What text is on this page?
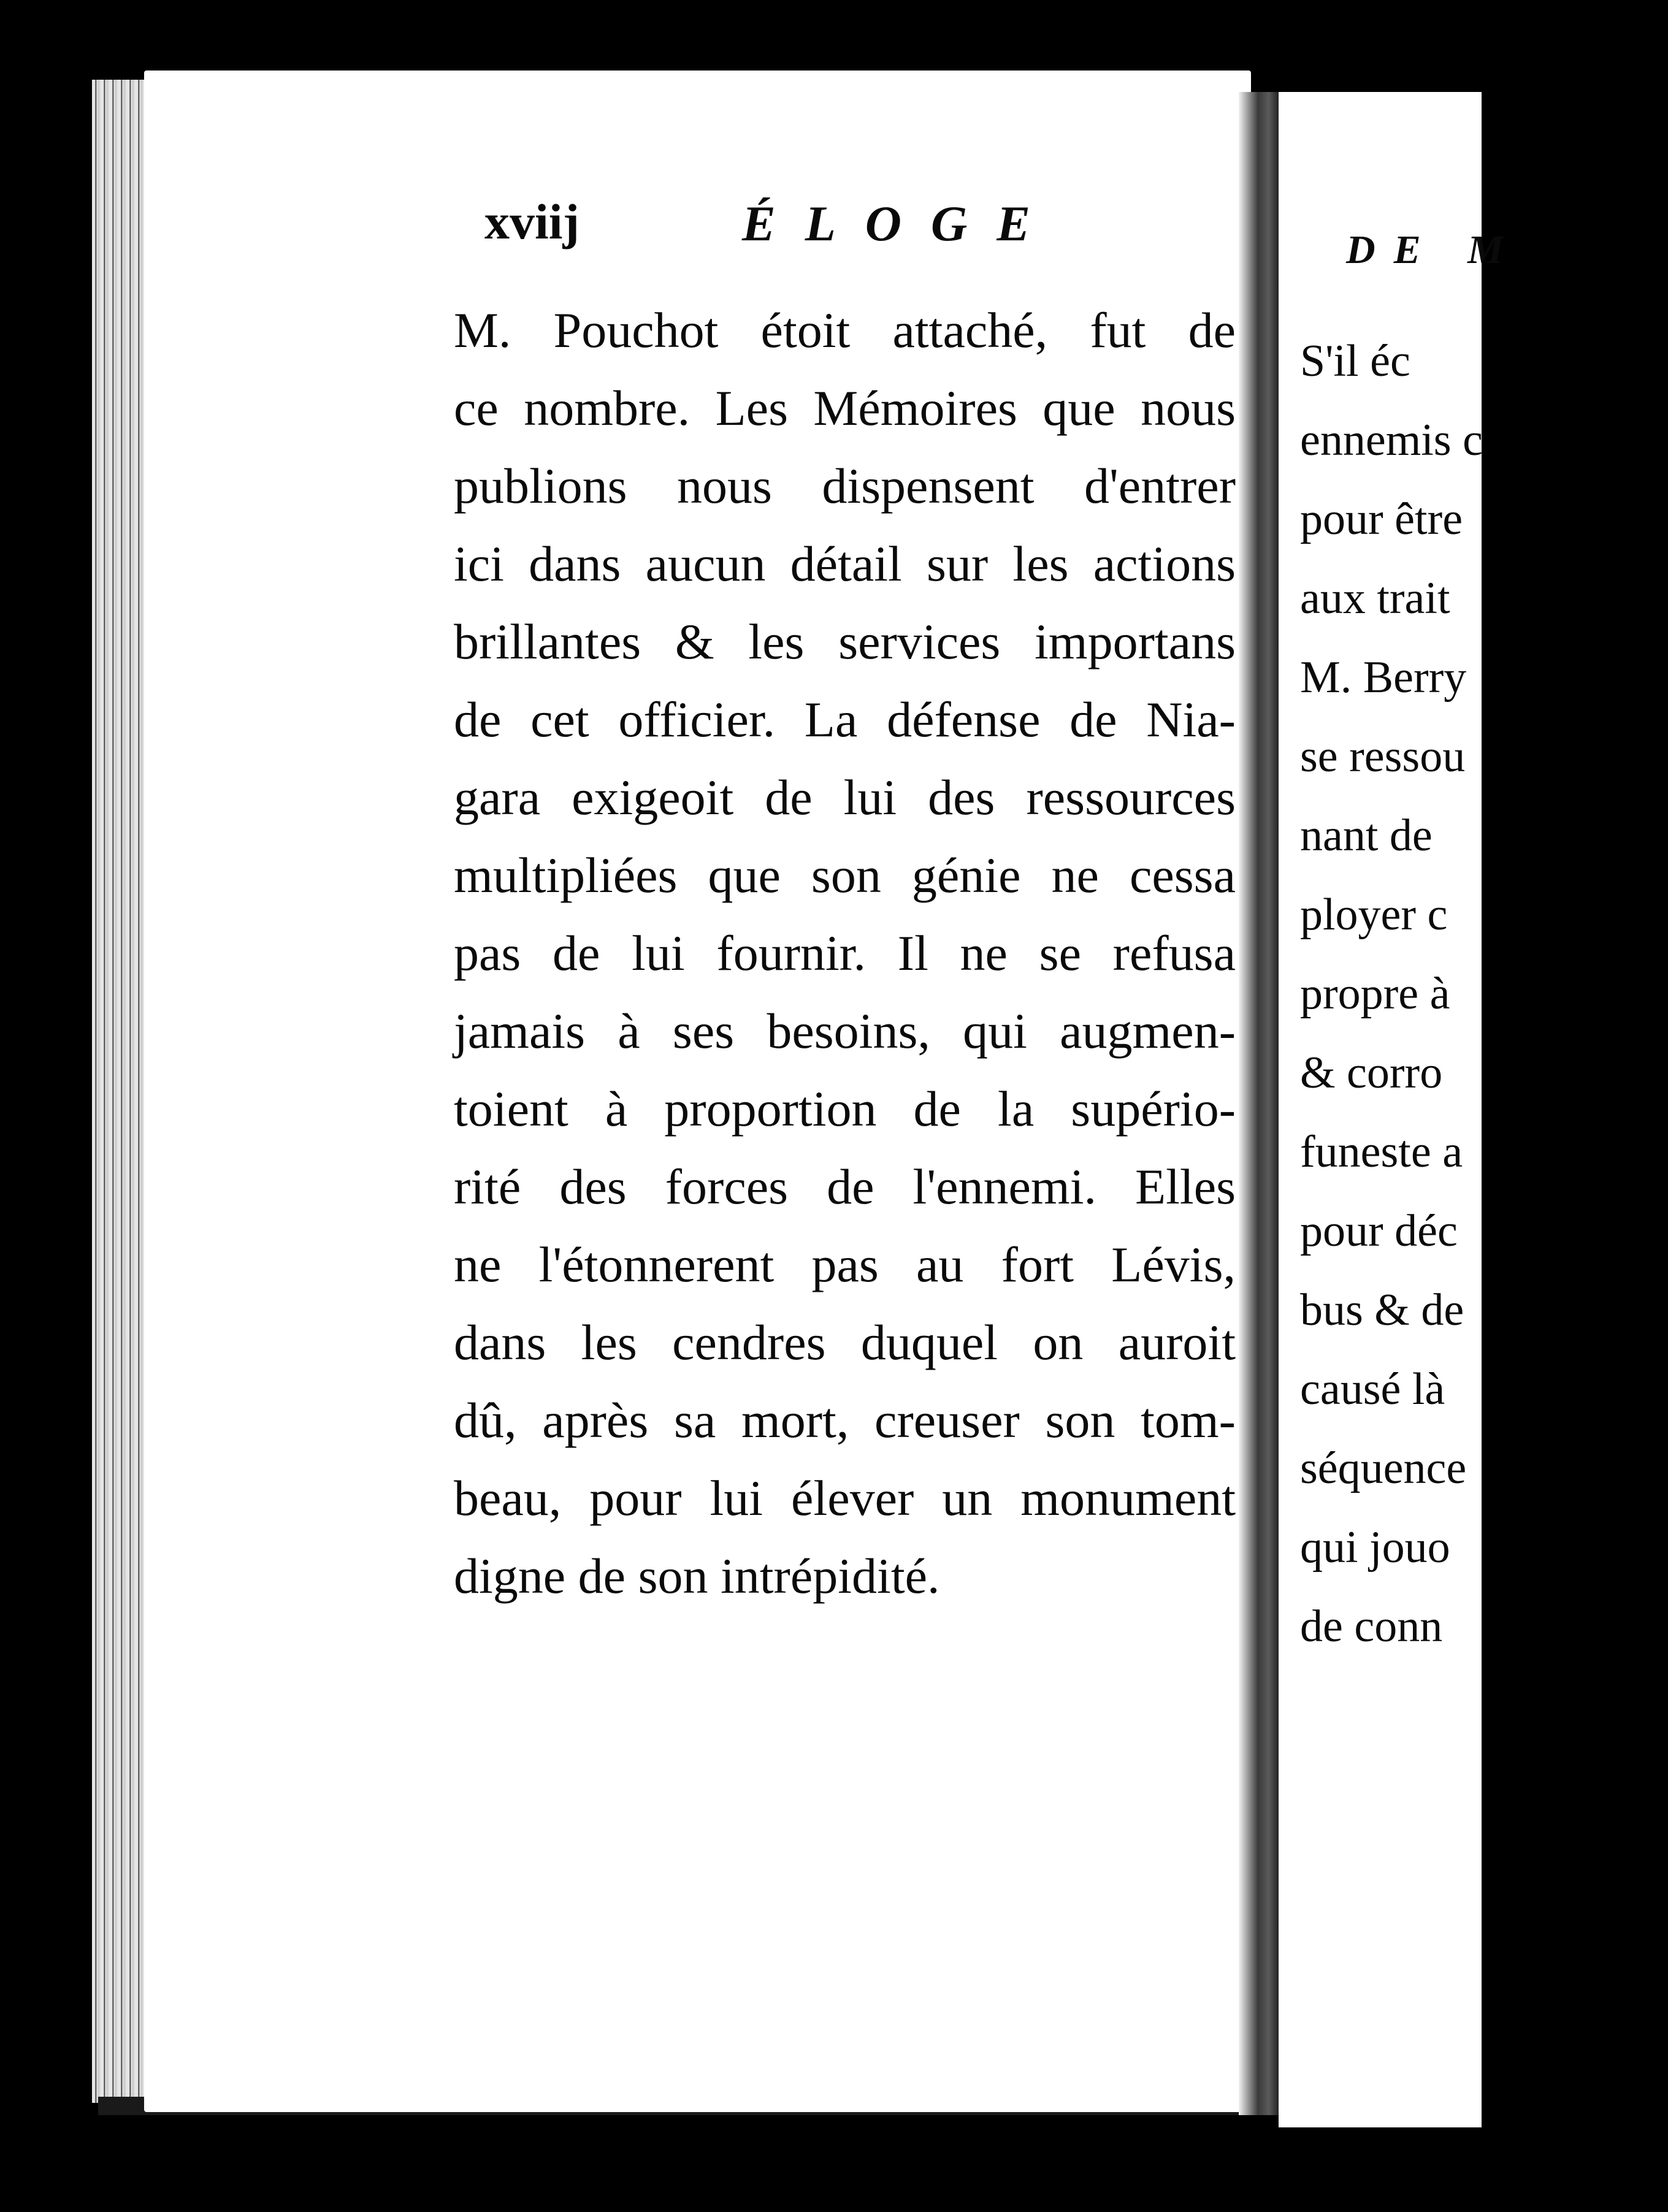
xviij	ÉLOGE
M. Pouchot étoit attaché, fut de
ce nombre. Les Mémoires que nous
publions nous dispensent d'entrer
ici dans aucun détail sur les actions
brillantes & les services importans
de cet officier. La défense de Nia-
gara exigeoit de lui des ressources
multipliées que son génie ne cessa
pas de lui fournir. Il ne se refusa
jamais à ses besoins, qui augmen-
toient à proportion de la supério-
rité des forces de l'ennemi. Elles
ne l'étonnerent pas au fort Lévis,
dans les cendres duquel on auroit
dû, après sa mort, creuser son tom-
beau, pour lui élever un monument
digne de son intrépidité.
DE M
S'il éc
ennemis c
pour être
aux trait
M. Berry
se ressou
nant de
ployer c
propre à
& corro
funeste a
pour déc
bus & de
causé là
séquence
qui jouo
de conn
